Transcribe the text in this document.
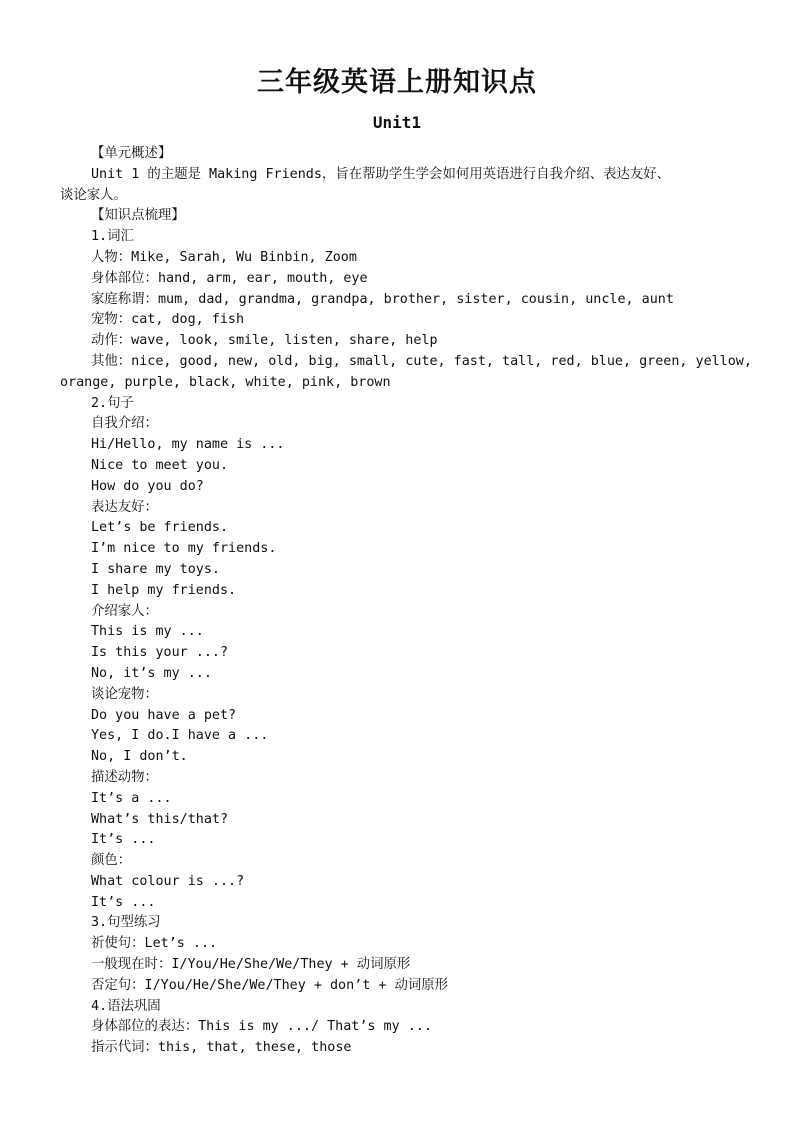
三年级英语上册知识点
Unit1
【单元概述】
Unit 1 的主题是 Making Friends，旨在帮助学生学会如何用英语进行自我介绍、表达友好、
谈论家人。
【知识点梳理】
1.词汇
人物：Mike, Sarah, Wu Binbin, Zoom
身体部位：hand, arm, ear, mouth, eye
家庭称谓：mum, dad, grandma, grandpa, brother, sister, cousin, uncle, aunt
宠物：cat, dog, fish
动作：wave, look, smile, listen, share, help
其他：nice, good, new, old, big, small, cute, fast, tall, red, blue, green, yellow,
orange, purple, black, white, pink, brown
2.句子
自我介绍：
Hi/Hello, my name is ...
Nice to meet you.
How do you do?
表达友好：
Let’s be friends.
I’m nice to my friends.
I share my toys.
I help my friends.
介绍家人：
This is my ...
Is this your ...?
No, it’s my ...
谈论宠物：
Do you have a pet?
Yes, I do.I have a ...
No, I don’t.
描述动物：
It’s a ...
What’s this/that?
It’s ...
颜色：
What colour is ...?
It’s ...
3.句型练习
祈使句：Let’s ...
一般现在时：I/You/He/She/We/They + 动词原形
否定句：I/You/He/She/We/They + don’t + 动词原形
4.语法巩固
身体部位的表达：This is my .../ That’s my ...
指示代词：this, that, these, those
